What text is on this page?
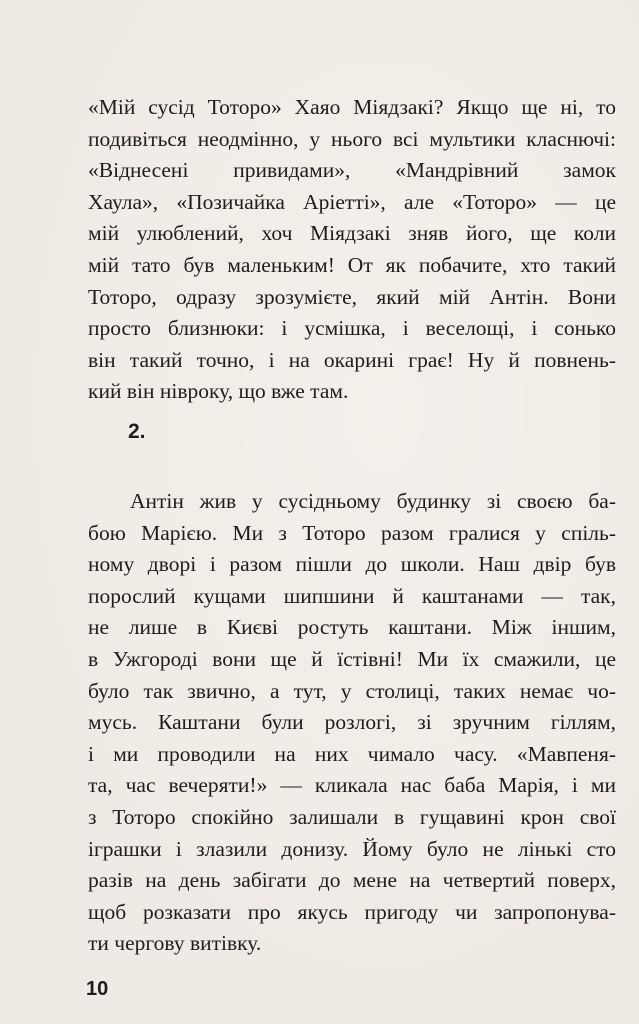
«Мій сусід Тоторо» Хаяо Міядзакі? Якщо ще ні, то
подивіться неодмінно, у нього всі мультики класнючі:
«Віднесені привидами», «Мандрівний замок
Хаула», «Позичайка Аріетті», але «Тоторо» — це
мій улюблений, хоч Міядзакі зняв його, ще коли
мій тато був маленьким! От як побачите, хто такий
Тоторо, одразу зрозумієте, який мій Антін. Вони
просто близнюки: і усмішка, і веселощі, і сонько
він такий точно, і на окарині грає! Ну й повнень-
кий він нівроку, що вже там.
2.
Антін жив у сусідньому будинку зі своєю ба-
бою Марією. Ми з Тоторо разом гралися у спіль-
ному дворі і разом пішли до школи. Наш двір був
порослий кущами шипшини й каштанами — так,
не лише в Києві ростуть каштани. Між іншим,
в Ужгороді вони ще й їстівні! Ми їх смажили, це
було так звично, а тут, у столиці, таких немає чо-
мусь. Каштани були розлогі, зі зручним гіллям,
і ми проводили на них чимало часу. «Мавпеня-
та, час вечеряти!» — кликала нас баба Марія, і ми
з Тоторо спокійно залишали в гущавині крон свої
іграшки і злазили донизу. Йому було не лінькі сто
разів на день забігати до мене на четвертий поверх,
щоб розказати про якусь пригоду чи запропонува-
ти чергову витівку.
10
